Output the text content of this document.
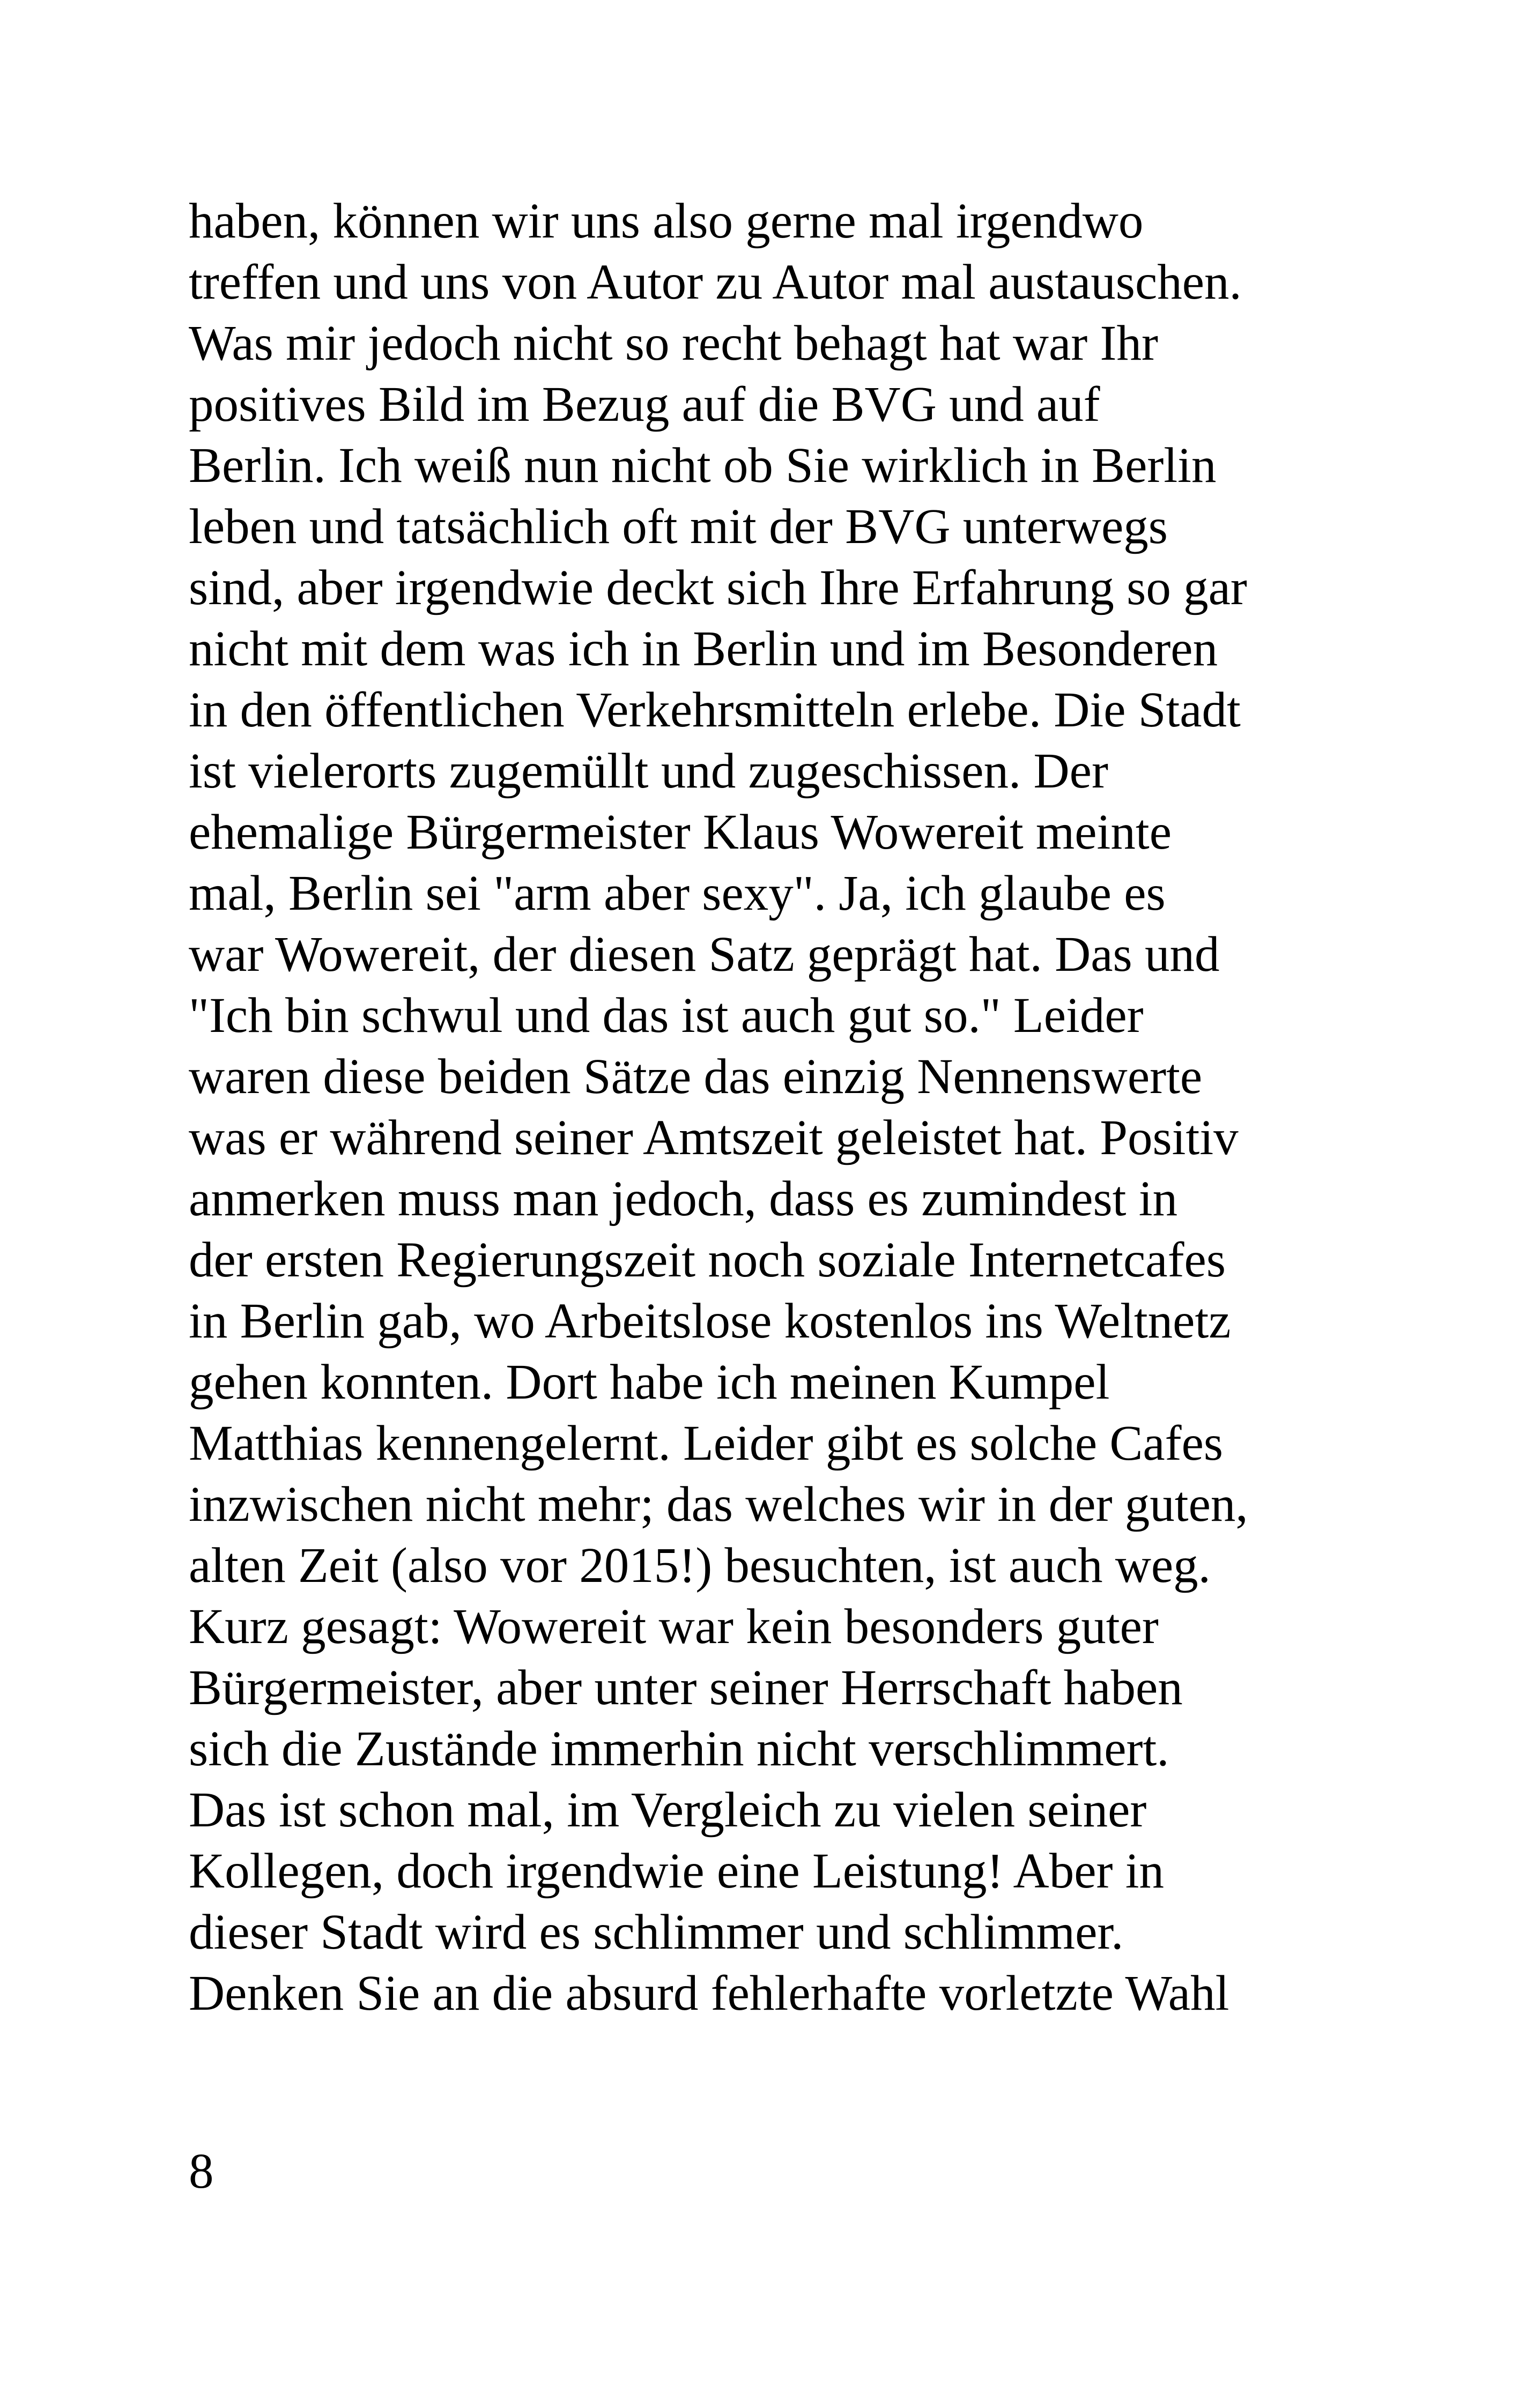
haben, können wir uns also gerne mal irgendwo
treffen und uns von Autor zu Autor mal austauschen.
Was mir jedoch nicht so recht behagt hat war Ihr
positives Bild im Bezug auf die BVG und auf
Berlin. Ich weiß nun nicht ob Sie wirklich in Berlin
leben und tatsächlich oft mit der BVG unterwegs
sind, aber irgendwie deckt sich Ihre Erfahrung so gar
nicht mit dem was ich in Berlin und im Besonderen
in den öffentlichen Verkehrsmitteln erlebe. Die Stadt
ist vielerorts zugemüllt und zugeschissen. Der
ehemalige Bürgermeister Klaus Wowereit meinte
mal, Berlin sei "arm aber sexy". Ja, ich glaube es
war Wowereit, der diesen Satz geprägt hat. Das und
"Ich bin schwul und das ist auch gut so." Leider
waren diese beiden Sätze das einzig Nennenswerte
was er während seiner Amtszeit geleistet hat. Positiv
anmerken muss man jedoch, dass es zumindest in
der ersten Regierungszeit noch soziale Internetcafes
in Berlin gab, wo Arbeitslose kostenlos ins Weltnetz
gehen konnten. Dort habe ich meinen Kumpel
Matthias kennengelernt. Leider gibt es solche Cafes
inzwischen nicht mehr; das welches wir in der guten,
alten Zeit (also vor 2015!) besuchten, ist auch weg.
Kurz gesagt: Wowereit war kein besonders guter
Bürgermeister, aber unter seiner Herrschaft haben
sich die Zustände immerhin nicht verschlimmert.
Das ist schon mal, im Vergleich zu vielen seiner
Kollegen, doch irgendwie eine Leistung! Aber in
dieser Stadt wird es schlimmer und schlimmer.
Denken Sie an die absurd fehlerhafte vorletzte Wahl
8
